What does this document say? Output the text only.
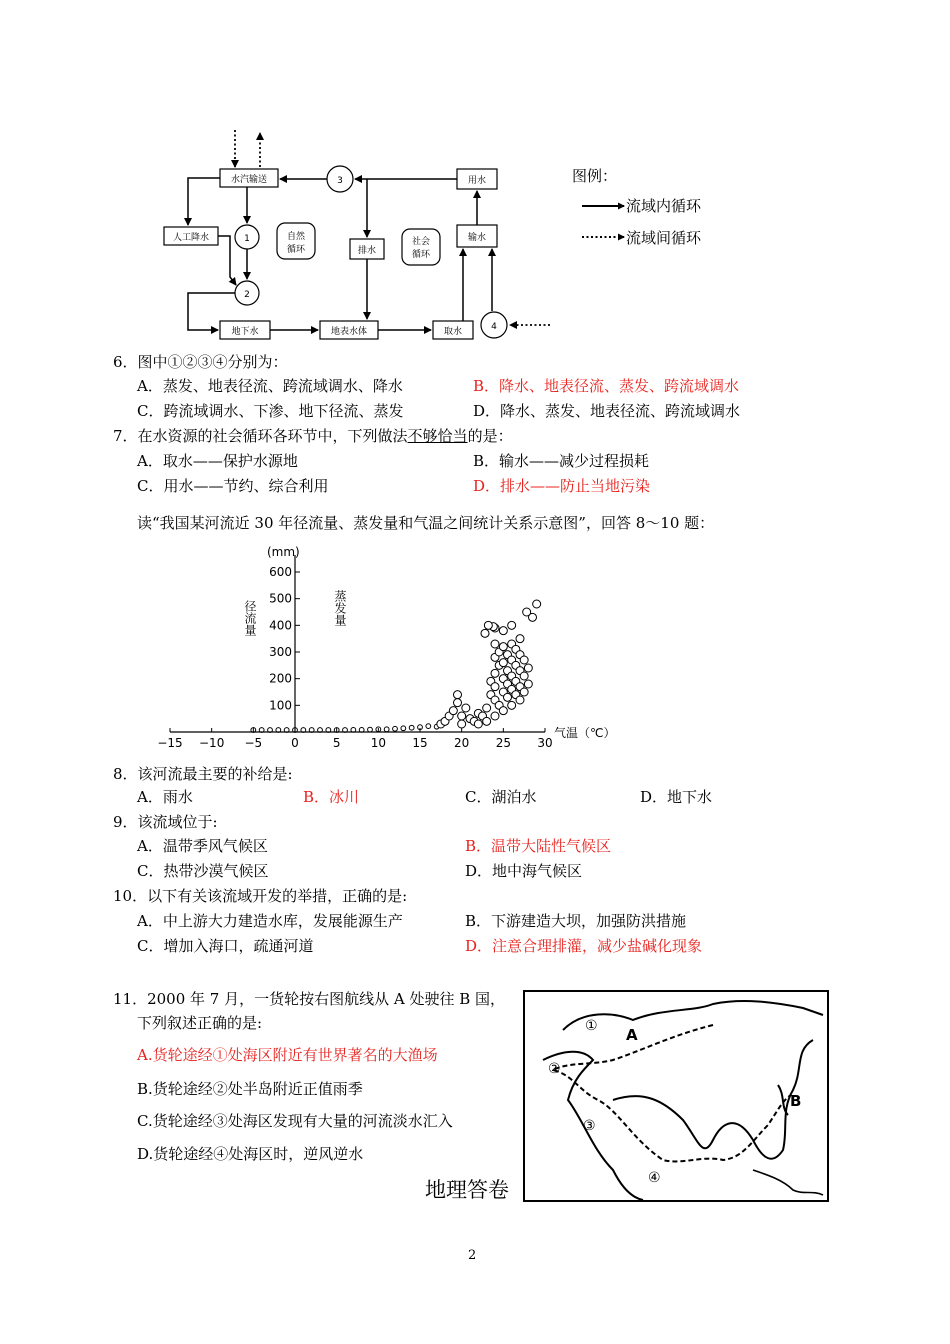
水汽输送
人工降水	自然
循环	排水
社会
循环
用水
输水
地下水	地表水体	取水
1
2
3
4
图例：
流域内循环
流域间循环
6．图中①②③④分别为：
A．蒸发、地表径流、跨流域调水、降水	B．降水、地表径流、蒸发、跨流域调水
C．跨流域调水、下渗、地下径流、蒸发	D．降水、蒸发、地表径流、跨流域调水
7．在水资源的社会循环各环节中，下列做法不够恰当的是：
A．取水——保护水源地	B．输水——减少过程损耗
C．用水——节约、综合利用	D．排水——防止当地污染
读“我国某河流近 30 年径流量、蒸发量和气温之间统计关系示意图”，回答 8～10 题：
(mm)
径流量	蒸发量
气温（℃）
−15 −10 −5 0	5	10 15 20 25 30
100
200
300
400
500
600
8．该河流最主要的补给是:
A．雨水	B．冰川	C．湖泊水	D．地下水
9．该流域位于:
A．温带季风气候区	B．温带大陆性气候区
C．热带沙漠气候区	D．地中海气候区
10．以下有关该流域开发的举措，正确的是:
A．中上游大力建造水库，发展能源生产	B．下游建造大坝，加强防洪措施
C．增加入海口，疏通河道	D．注意合理排灌，减少盐碱化现象
11．2000 年 7 月，一货轮按右图航线从 A 处驶往 B 国，
下列叙述正确的是:
A.货轮途经①处海区附近有世界著名的大渔场
B.货轮途经②处半岛附近正值雨季
C.货轮途经③处海区发现有大量的河流淡水汇入
D.货轮途经④处海区时，逆风逆水
A
B
①
②
③
④
地理答卷
2
